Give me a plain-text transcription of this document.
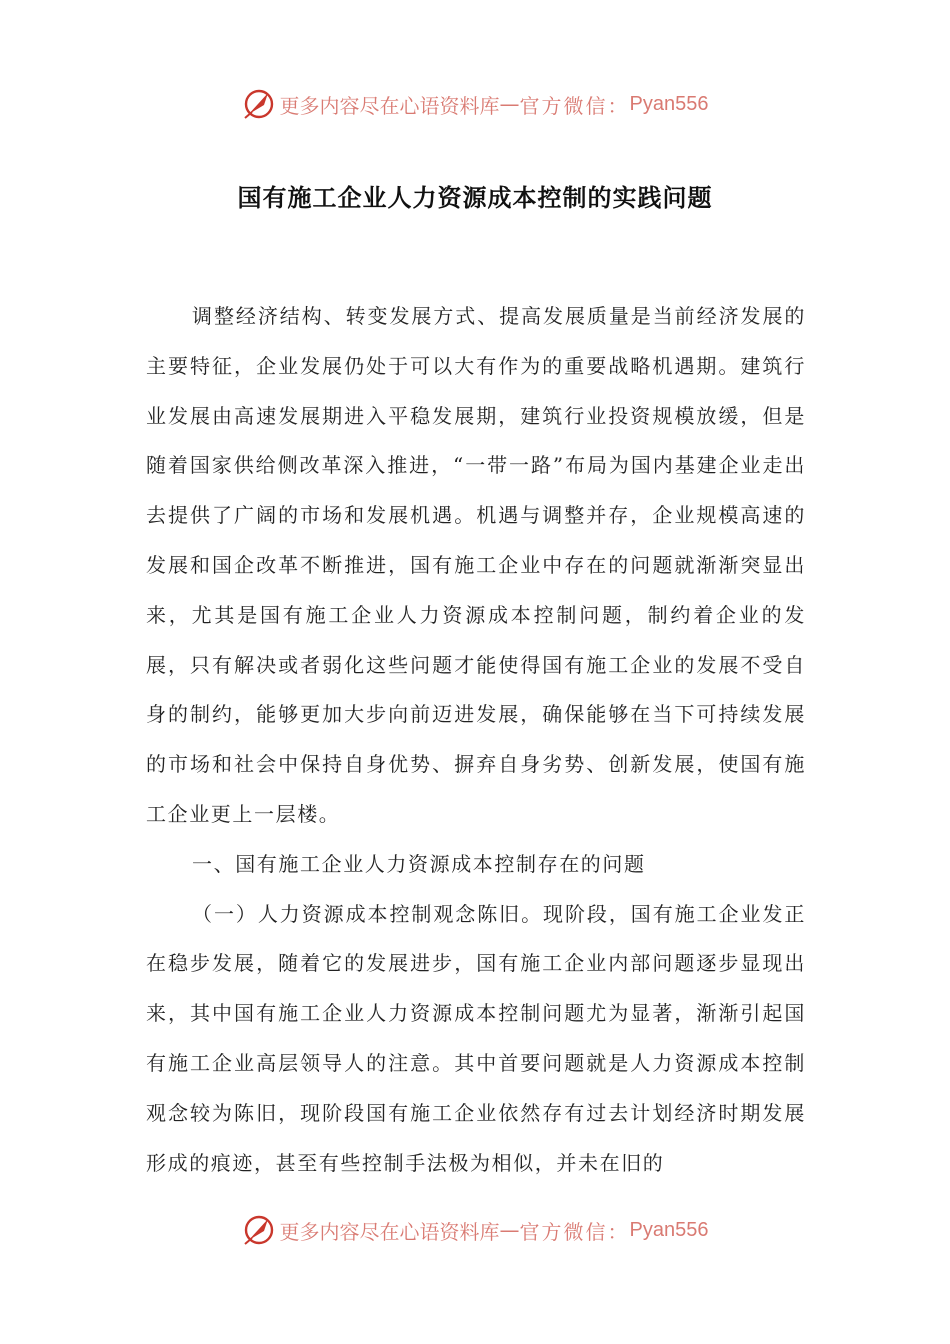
更多内容尽在心语资料库 — 官方微信： Pyan556
国有施工企业人力资源成本控制的实践问题

调整经济结构、转变发展方式、提高发展质量是当前经济发展的主要特征，企业发展仍处于可以大有作为的重要战略机遇期。建筑行业发展由高速发展期进入平稳发展期，建筑行业投资规模放缓，但是随着国家供给侧改革深入推进，“一带一路”布局为国内基建企业走出去提供了广阔的市场和发展机遇。机遇与调整并存，企业规模高速的发展和国企改革不断推进，国有施工企业中存在的问题就渐渐突显出来，尤其是国有施工企业人力资源成本控制问题，制约着企业的发展，只有解决或者弱化这些问题才能使得国有施工企业的发展不受自身的制约，能够更加大步向前迈进发展，确保能够在当下可持续发展的市场和社会中保持自身优势、摒弃自身劣势、创新发展，使国有施工企业更上一层楼。

一、国有施工企业人力资源成本控制存在的问题

（一）人力资源成本控制观念陈旧。现阶段，国有施工企业发正在稳步发展，随着它的发展进步，国有施工企业内部问题逐步显现出来，其中国有施工企业人力资源成本控制问题尤为显著，渐渐引起国有施工企业高层领导人的注意。其中首要问题就是人力资源成本控制观念较为陈旧，现阶段国有施工企业依然存有过去计划经济时期发展形成的痕迹，甚至有些控制手法极为相似，并未在旧的

更多内容尽在心语资料库 — 官方微信： Pyan556
